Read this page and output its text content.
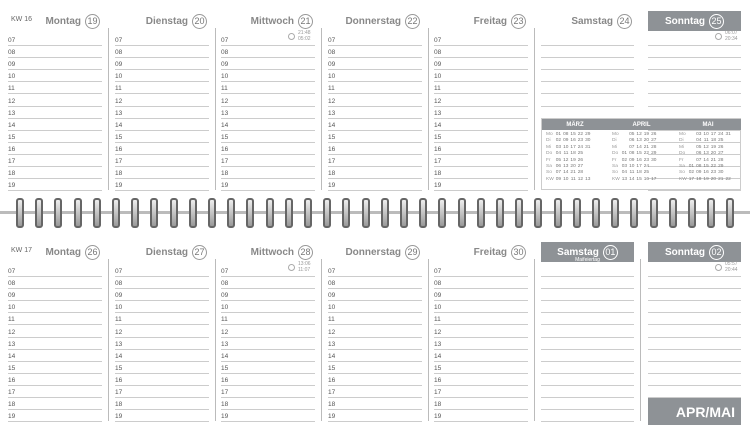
KW 16 Montag 19
07
08
09
10
11
12
13
14
15
16
17
18
19
Dienstag 20
07
08
09
10
11
12
13
14
15
16
17
18
19
Mittwoch 21
07
08
09
10
11
12
13
14
15
16
17
18
19
Donnerstag 22
07
08
09
10
11
12
13
14
15
16
17
18
19
Freitag 23
07
08
09
10
11
12
13
14
15
16
17
18
19
Samstag 24	Sonntag 25
21:48
05:02
06:07
20:34
KW 17 Montag 26
07
08
09
10
11
12
13
14
15
16
17
18
19
Dienstag 27
07
08
09
10
11
12
13
14
15
16
17
18
19
Mittwoch 28
07
08
09
10
11
12
13
14
15
16
17
18
19
Donnerstag 29
07
08
09
10
11
12
13
14
15
16
17
18
19
Freitag 30
07
08
09
10
11
12
13
14
15
16
17
18
19
Samstag 01
Maifeiertag
Sonntag 02
13:06
11:07
05:57
20:44
MÄRZ
Mo	01	08	15	22	29
Di	02	09	16	23	30
Mi	03	10	17	24	31
Do	04	11	18	25	
Fr	05	12	19	26	
Sa	06	13	20	27	
So	07	14	21	28	
KW	09	10	11	12	13
APRIL
Mo		05	12	19	26
Di		06	13	20	27
Mi		07	14	21	28
Do	01	08	15	22	29
Fr	02	09	16	23	30
Sa	03	10	17	24	
So	04	11	18	25	
KW	13	14	15	16	17
MAI
Mo		03	10	17	24	31
Di		04	11	18	25	
Mi		05	12	19	26	
Do		06	13	20	27	
Fr		07	14	21	28	
Sa	01	08	15	22	29	
So	02	09	16	23	30	
KW	17	18	19	20	21	22
APR/MAI
